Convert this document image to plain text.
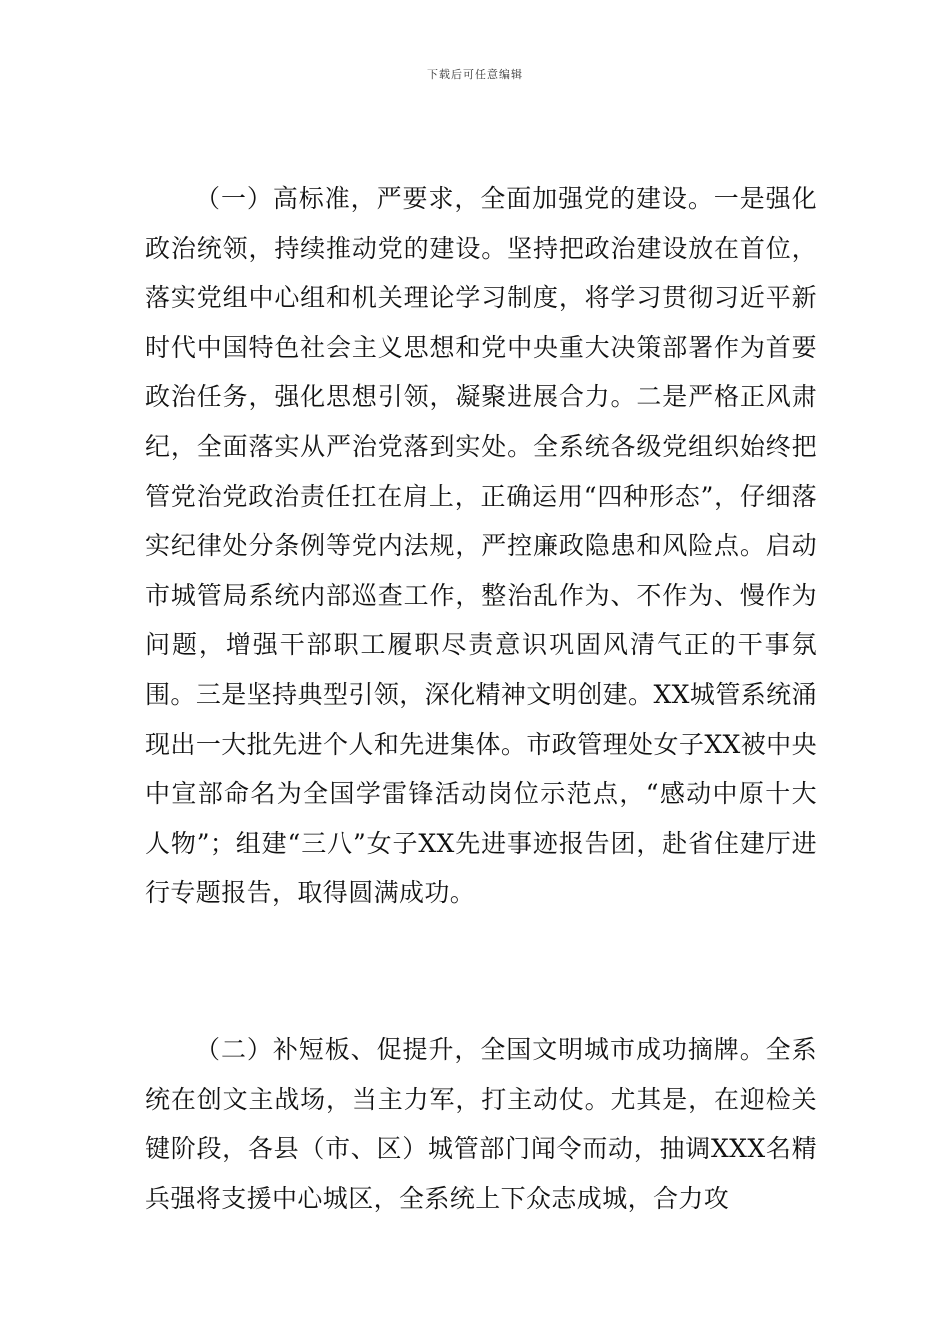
下载后可任意编辑

（一）高标准，严要求，全面加强党的建设。一是强化政治统领，持续推动党的建设。坚持把政治建设放在首位，落实党组中心组和机关理论学习制度，将学习贯彻习近平新时代中国特色社会主义思想和党中央重大决策部署作为首要政治任务，强化思想引领，凝聚进展合力。二是严格正风肃纪，全面落实从严治党落到实处。全系统各级党组织始终把管党治党政治责任扛在肩上，正确运用“四种形态”，仔细落实纪律处分条例等党内法规，严控廉政隐患和风险点。启动市城管局系统内部巡查工作，整治乱作为、不作为、慢作为问题，增强干部职工履职尽责意识巩固风清气正的干事氛围。三是坚持典型引领，深化精神文明创建。XX城管系统涌现出一大批先进个人和先进集体。市政管理处女子XX被中央中宣部命名为全国学雷锋活动岗位示范点，“感动中原十大人物”；组建“三八”女子XX先进事迹报告团，赴省住建厅进行专题报告，取得圆满成功。

（二）补短板、促提升，全国文明城市成功摘牌。全系统在创文主战场，当主力军，打主动仗。尤其是，在迎检关键阶段，各县（市、区）城管部门闻令而动，抽调XXX名精兵强将支援中心城区，全系统上下众志成城，合力攻
